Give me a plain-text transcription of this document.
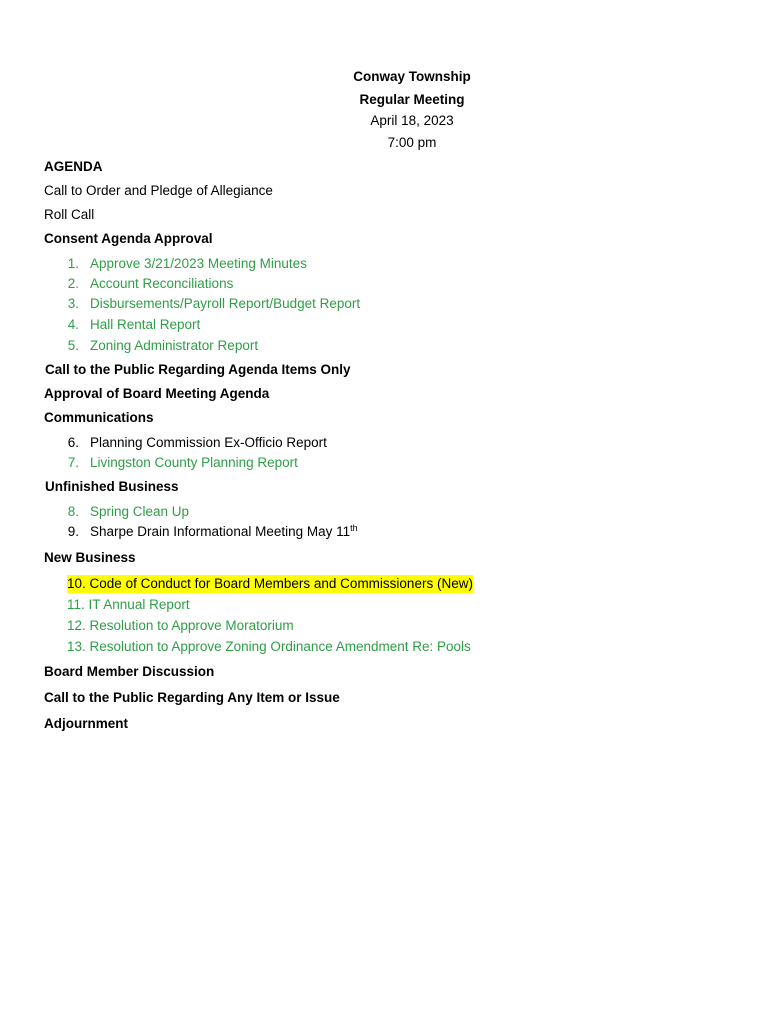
Conway Township
Regular Meeting
April 18, 2023
7:00 pm
AGENDA
Call to Order and Pledge of Allegiance
Roll Call
Consent Agenda Approval
1. Approve 3/21/2023 Meeting Minutes
2. Account Reconciliations
3. Disbursements/Payroll Report/Budget Report
4. Hall Rental Report
5. Zoning Administrator Report
Call to the Public Regarding Agenda Items Only
Approval of Board Meeting Agenda
Communications
6. Planning Commission Ex-Officio Report
7. Livingston County Planning Report
Unfinished Business
8. Spring Clean Up
9. Sharpe Drain Informational Meeting May 11th
New Business
10. Code of Conduct for Board Members and Commissioners (New)
11. IT Annual Report
12. Resolution to Approve Moratorium
13. Resolution to Approve Zoning Ordinance Amendment Re: Pools
Board Member Discussion
Call to the Public Regarding Any Item or Issue
Adjournment
